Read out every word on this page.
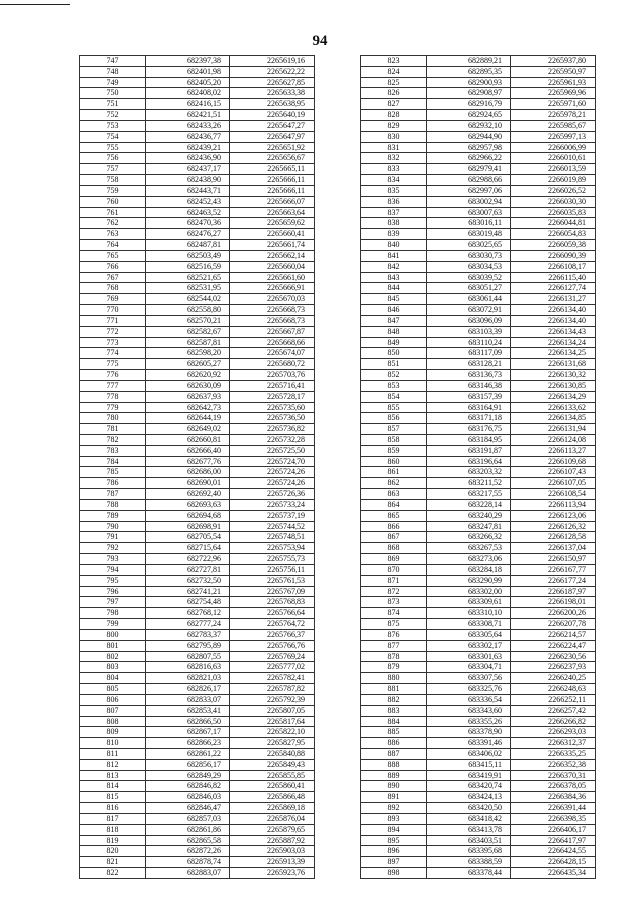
94
747	682397,38	2265619,16
748	682401,98	2265622,22
749	682405,20	2265627,85
750	682408,02	2265633,38
751	682416,15	2265638,95
752	682421,51	2265640,19
753	682433,26	2265647,27
754	682436,77	2265647,97
755	682439,21	2265651,92
756	682436,90	2265656,67
757	682437,17	2265665,11
758	682438,90	2265666,11
759	682443,71	2265666,11
760	682452,43	2265666,07
761	682463,52	2265663,64
762	682470,36	2265659,62
763	682476,27	2265660,41
764	682487,81	2265661,74
765	682503,49	2265662,14
766	682516,59	2265660,04
767	682521,65	2265661,60
768	682531,95	2265666,91
769	682544,02	2265670,03
770	682558,80	2265668,73
771	682570,21	2265668,73
772	682582,67	2265667,87
773	682587,81	2265668,66
774	682598,20	2265674,07
775	682605,27	2265680,72
776	682620,92	2265703,76
777	682630,09	2265716,41
778	682637,93	2265728,17
779	682642,73	2265735,60
780	682644,19	2265736,50
781	682649,02	2265736,82
782	682660,81	2265732,28
783	682666,40	2265725,50
784	682677,76	2265724,70
785	682686,00	2265724,26
786	682690,01	2265724,26
787	682692,40	2265726,36
788	682693,63	2265733,24
789	682694,68	2265737,19
790	682698,91	2265744,52
791	682705,54	2265748,51
792	682715,64	2265753,94
793	682722,96	2265755,73
794	682727,81	2265756,11
795	682732,50	2265761,53
796	682741,21	2265767,09
797	682754,48	2265768,83
798	682768,12	2265766,64
799	682777,24	2265764,72
800	682783,37	2265766,37
801	682795,89	2265766,76
802	682807,55	2265769,24
803	682816,63	2265777,02
804	682821,03	2265782,41
805	682826,17	2265787,82
806	682833,07	2265792,39
807	682853,41	2265807,05
808	682866,50	2265817,64
809	682867,17	2265822,10
810	682866,23	2265827,95
811	682861,22	2265840,88
812	682856,17	2265849,43
813	682849,29	2265855,85
814	682846,82	2265860,41
815	682846,03	2265866,48
816	682846,47	2265869,18
817	682857,03	2265876,04
818	682861,86	2265879,65
819	682865,58	2265887,92
820	682872,26	2265903,03
821	682878,74	2265913,39
822	682883,07	2265923,76
823	682889,21	2265937,80
824	682895,35	2265950,97
825	682900,93	2265961,93
826	682908,97	2265969,96
827	682916,79	2265971,60
828	682924,65	2265978,21
829	682932,10	2265985,67
830	682944,90	2265997,13
831	682957,98	2266006,99
832	682966,22	2266010,61
833	682979,41	2266013,59
834	682988,66	2266019,89
835	682997,06	2266026,52
836	683002,94	2266030,30
837	683007,63	2266035,83
838	683016,11	2266044,81
839	683019,48	2266054,83
840	683025,65	2266059,38
841	683030,73	2266090,39
842	683034,53	2266108,17
843	683039,52	2266115,40
844	683051,27	2266127,74
845	683061,44	2266131,27
846	683072,91	2266134,40
847	683096,09	2266134,40
848	683103,39	2266134,43
849	683110,24	2266134,24
850	683117,09	2266134,25
851	683128,21	2266131,68
852	683136,73	2266130,32
853	683146,38	2266130,85
854	683157,39	2266134,29
855	683164,91	2266133,62
856	683171,18	2266134,85
857	683176,75	2266131,94
858	683184,95	2266124,08
859	683191,87	2266113,27
860	683196,64	2266109,68
861	683203,32	2266107,43
862	683211,52	2266107,05
863	683217,55	2266108,54
864	683228,14	2266113,94
865	683240,29	2266123,06
866	683247,81	2266126,32
867	683266,32	2266128,58
868	683267,53	2266137,04
869	683273,06	2266150,97
870	683284,18	2266167,77
871	683290,99	2266177,24
872	683302,00	2266187,97
873	683309,61	2266198,01
874	683310,10	2266200,26
875	683308,71	2266207,78
876	683305,64	2266214,57
877	683302,17	2266224,47
878	683301,63	2266230,56
879	683304,71	2266237,93
880	683307,56	2266240,25
881	683325,76	2266248,63
882	683336,54	2266252,11
883	683343,60	2266257,42
884	683355,26	2266266,82
885	683378,90	2266293,03
886	683391,46	2266312,37
887	683406,02	2266335,25
888	683415,11	2266352,38
889	683419,91	2266370,31
890	683420,74	2266378,05
891	683424,13	2266384,36
892	683420,50	2266391,44
893	683418,42	2266398,35
894	683413,78	2266406,17
895	683403,51	2266417,97
896	683395,68	2266424,55
897	683388,59	2266428,15
898	683378,44	2266435,34
